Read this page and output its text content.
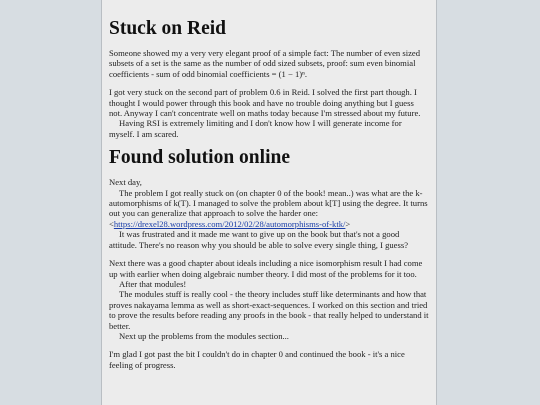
Stuck on Reid

Someone showed my a very very elegant proof of a simple fact: The number of even sized subsets of a set is the same as the number of odd sized subsets, proof: sum even binomial coefficients - sum of odd binomial coefficients = (1 − 1)ⁿ.

I got very stuck on the second part of problem 0.6 in Reid. I solved the first part though. I thought I would power through this book and have no trouble doing anything but I guess not. Anyway I can't concentrate well on maths today because I'm stressed about my future.

Having RSI is extremely limiting and I don't know how I will generate income for myself. I am scared.

Found solution online

Next day,

The problem I got really stuck on (on chapter 0 of the book! mean..) was what are the k-automorphisms of k(T). I managed to solve the problem about k[T] using the degree. It turns out you can generalize that approach to solve the harder one:
<https://drexel28.wordpress.com/2012/02/28/automorphisms-of-ktk/>
It was frustrated and it made me want to give up on the book but that's not a good attitude. There's no reason why you should be able to solve every single thing, I guess?

Next there was a good chapter about ideals including a nice isomorphism result I had come up with earlier when doing algebraic number theory. I did most of the problems for it too.
After that modules!
The modules stuff is really cool - the theory includes stuff like determinants and how that proves nakayama lemma as well as short-exact-sequences. I worked on this section and tried to prove the results before reading any proofs in the book - that really helped to understand it better.
Next up the problems from the modules section...

I'm glad I got past the bit I couldn't do in chapter 0 and continued the book - it's a nice feeling of progress.
